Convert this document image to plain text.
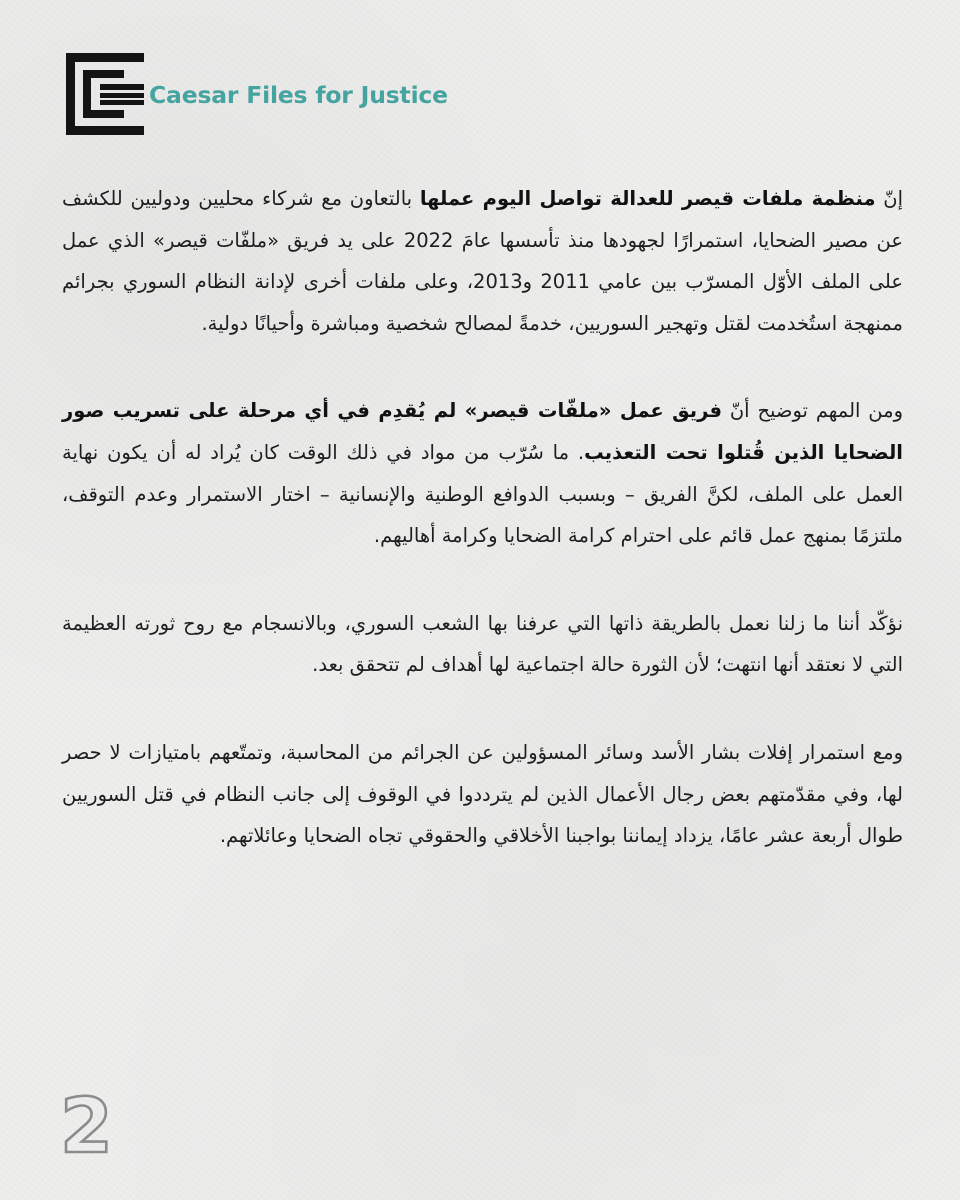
Caesar Files for Justice

إنّ منظمة ملفات قيصر للعدالة تواصل اليوم عملها بالتعاون مع شركاء محليين ودوليين للكشف عن مصير الضحايا، استمرارًا لجهودها منذ تأسسها عامَ 2022 على يد فريق «ملفّات قيصر» الذي عمل على الملف الأوّل المسرّب بين عامي 2011 و2013، وعلى ملفات أخرى لإدانة النظام السوري بجرائم ممنهجة استُخدمت لقتل وتهجير السوريين، خدمةً لمصالح شخصية ومباشرة وأحيانًا دولية.

ومن المهم توضيح أنّ فريق عمل «ملفّات قيصر» لم يُقدِم في أي مرحلة على تسريب صور الضحايا الذين قُتلوا تحت التعذيب. ما سُرّب من مواد في ذلك الوقت كان يُراد له أن يكون نهاية العمل على الملف، لكنَّ الفريق – وبسبب الدوافع الوطنية والإنسانية – اختار الاستمرار وعدم التوقف، ملتزمًا بمنهج عمل قائم على احترام كرامة الضحايا وكرامة أهاليهم.

نؤكّد أننا ما زلنا نعمل بالطريقة ذاتها التي عرفنا بها الشعب السوري، وبالانسجام مع روح ثورته العظيمة التي لا نعتقد أنها انتهت؛ لأن الثورة حالة اجتماعية لها أهداف لم تتحقق بعد.

ومع استمرار إفلات بشار الأسد وسائر المسؤولين عن الجرائم من المحاسبة، وتمتّعهم بامتيازات لا حصر لها، وفي مقدّمتهم بعض رجال الأعمال الذين لم يترددوا في الوقوف إلى جانب النظام في قتل السوريين طوال أربعة عشر عامًا، يزداد إيماننا بواجبنا الأخلاقي والحقوقي تجاه الضحايا وعائلاتهم.

2
